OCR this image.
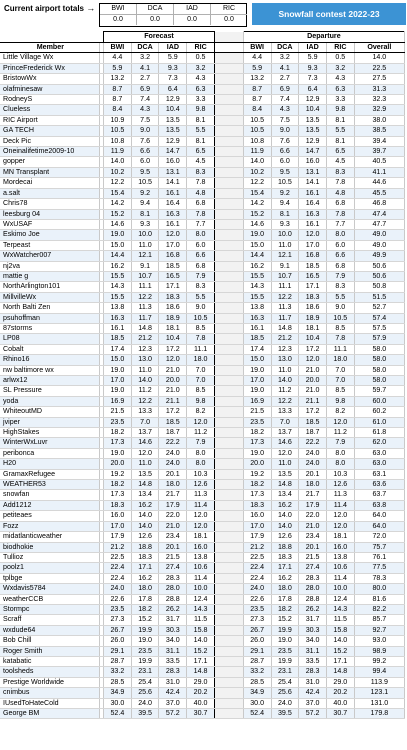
Current airport totals →	BWI	DCA	IAD	RIC
0.0	0.0	0.0	0.0
Snowfall contest 2022-23
		Forecast					Departure				
Member		BWI	DCA	IAD	RIC		BWI	DCA	IAD	RIC	Overall
Little Village Wx		4.4	3.2	5.9	0.5		4.4	3.2	5.9	0.5	14.0
PrinceFrederick Wx		5.9	4.1	9.3	3.2		5.9	4.1	9.3	3.2	22.5
BristowWx		13.2	2.7	7.3	4.3		13.2	2.7	7.3	4.3	27.5
olafminesaw		8.7	6.9	6.4	6.3		8.7	6.9	6.4	6.3	31.3
RodneyS		8.7	7.4	12.9	3.3		8.7	7.4	12.9	3.3	32.3
Clueless		8.4	4.3	10.4	9.8		8.4	4.3	10.4	9.8	32.9
RIC Airport		10.9	7.5	13.5	8.1		10.5	7.5	13.5	8.1	38.0
GA TECH		10.5	9.0	13.5	5.5		10.5	9.0	13.5	5.5	38.5
Deck Pic		10.8	7.6	12.9	8.1		10.8	7.6	12.9	8.1	39.4
Oneinalifetime2009-10		11.9	6.6	14.7	6.5		11.9	6.6	14.7	6.5	39.7
gopper		14.0	6.0	16.0	4.5		14.0	6.0	16.0	4.5	40.5
MN Transplant		10.2	9.5	13.1	8.3		10.2	9.5	13.1	8.3	41.1
Mordecai		12.2	10.5	14.1	7.8		12.2	10.5	14.1	7.8	44.6
a.salt		15.4	9.2	16.1	4.8		15.4	9.2	16.1	4.8	45.5
Chris78		14.2	9.4	16.4	6.8		14.2	9.4	16.4	6.8	46.8
leesburg 04		15.2	8.1	16.3	7.8		15.2	8.1	16.3	7.8	47.4
WxUSAF		14.6	9.3	16.1	7.7		14.6	9.3	16.1	7.7	47.7
Eskimo Joe		19.0	10.0	12.0	8.0		19.0	10.0	12.0	8.0	49.0
Terpeast		15.0	11.0	17.0	6.0		15.0	11.0	17.0	6.0	49.0
WxWatcher007		14.4	12.1	16.8	6.6		14.4	12.1	16.8	6.6	49.9
nj2va		16.2	9.1	18.5	6.8		16.2	9.1	18.5	6.8	50.6
mattie g		15.5	10.7	16.5	7.9		15.5	10.7	16.5	7.9	50.6
NorthArlington101		14.3	11.1	17.1	8.3		14.3	11.1	17.1	8.3	50.8
MillvilleWx		15.5	12.2	18.3	5.5		15.5	12.2	18.3	5.5	51.5
North Balti Zen		13.8	11.3	18.6	9.0		13.8	11.3	18.6	9.0	52.7
psuhoffman		16.3	11.7	18.9	10.5		16.3	11.7	18.9	10.5	57.4
87storms		16.1	14.8	18.1	8.5		16.1	14.8	18.1	8.5	57.5
LP08		18.5	21.2	10.4	7.8		18.5	21.2	10.4	7.8	57.9
Cobalt		17.4	12.3	17.2	11.1		17.4	12.3	17.2	11.1	58.0
Rhino16		15.0	13.0	12.0	18.0		15.0	13.0	12.0	18.0	58.0
nw baltimore wx		19.0	11.0	21.0	7.0		19.0	11.0	21.0	7.0	58.0
arlwx12		17.0	14.0	20.0	7.0		17.0	14.0	20.0	7.0	58.0
SL Pressure		19.0	11.2	21.0	8.5		19.0	11.2	21.0	8.5	59.7
yoda		16.9	12.2	21.1	9.8		16.9	12.2	21.1	9.8	60.0
WhiteoutMD		21.5	13.3	17.2	8.2		21.5	13.3	17.2	8.2	60.2
jviper		23.5	7.0	18.5	12.0		23.5	7.0	18.5	12.0	61.0
HighStakes		18.2	13.7	18.7	11.2		18.2	13.7	18.7	11.2	61.8
WinterWxLuvr		17.3	14.6	22.2	7.9		17.3	14.6	22.2	7.9	62.0
periboncа		19.0	12.0	24.0	8.0		19.0	12.0	24.0	8.0	63.0
H20		20.0	11.0	24.0	8.0		20.0	11.0	24.0	8.0	63.0
GramaxRefugee		19.2	13.5	20.1	10.3		19.2	13.5	20.1	10.3	63.1
WEATHER53		18.2	14.8	18.0	12.6		18.2	14.8	18.0	12.6	63.6
snowfan		17.3	13.4	21.7	11.3		17.3	13.4	21.7	11.3	63.7
Add1212		18.3	16.2	17.9	11.4		18.3	16.2	17.9	11.4	63.8
petiteaes		16.0	14.0	22.0	12.0		16.0	14.0	22.0	12.0	64.0
Fozz		17.0	14.0	21.0	12.0		17.0	14.0	21.0	12.0	64.0
midatlanticweather		17.9	12.6	23.4	18.1		17.9	12.6	23.4	18.1	72.0
biodhokie		21.2	18.8	20.1	16.0		21.2	18.8	20.1	16.0	75.7
Tullioz		22.5	18.3	21.5	13.8		22.5	18.3	21.5	13.8	76.1
poolz1		22.4	17.1	27.4	10.6		22.4	17.1	27.4	10.6	77.5
tplbge		22.4	16.2	28.3	11.4		22.4	16.2	28.3	11.4	78.3
Wxdavis5784		24.0	18.0	28.0	10.0		24.0	18.0	28.0	10.0	80.0
weatherCCB		22.6	17.8	28.8	12.4		22.6	17.8	28.8	12.4	81.6
Stormpc		23.5	18.2	26.2	14.3		23.5	18.2	26.2	14.3	82.2
Scraff		27.3	15.2	31.7	11.5		27.3	15.2	31.7	11.5	85.7
wxdude64		26.7	19.9	30.3	15.8		26.7	19.9	30.3	15.8	92.7
Bob Chill		26.0	19.0	34.0	14.0		26.0	19.0	34.0	14.0	93.0
Roger Smith		29.1	23.5	31.1	15.2		29.1	23.5	31.1	15.2	98.9
katabatic		28.7	19.9	33.5	17.1		28.7	19.9	33.5	17.1	99.2
toolsheds		33.2	23.1	28.3	14.8		33.2	23.1	28.3	14.8	99.4
Prestige Worldwide		28.5	25.4	31.0	29.0		28.5	25.4	31.0	29.0	113.9
cnimbus		34.9	25.6	42.4	20.2		34.9	25.6	42.4	20.2	123.1
IUsedToHateCold		30.0	24.0	37.0	40.0		30.0	24.0	37.0	40.0	131.0
George BM		52.4	39.5	57.2	30.7		52.4	39.5	57.2	30.7	179.8
